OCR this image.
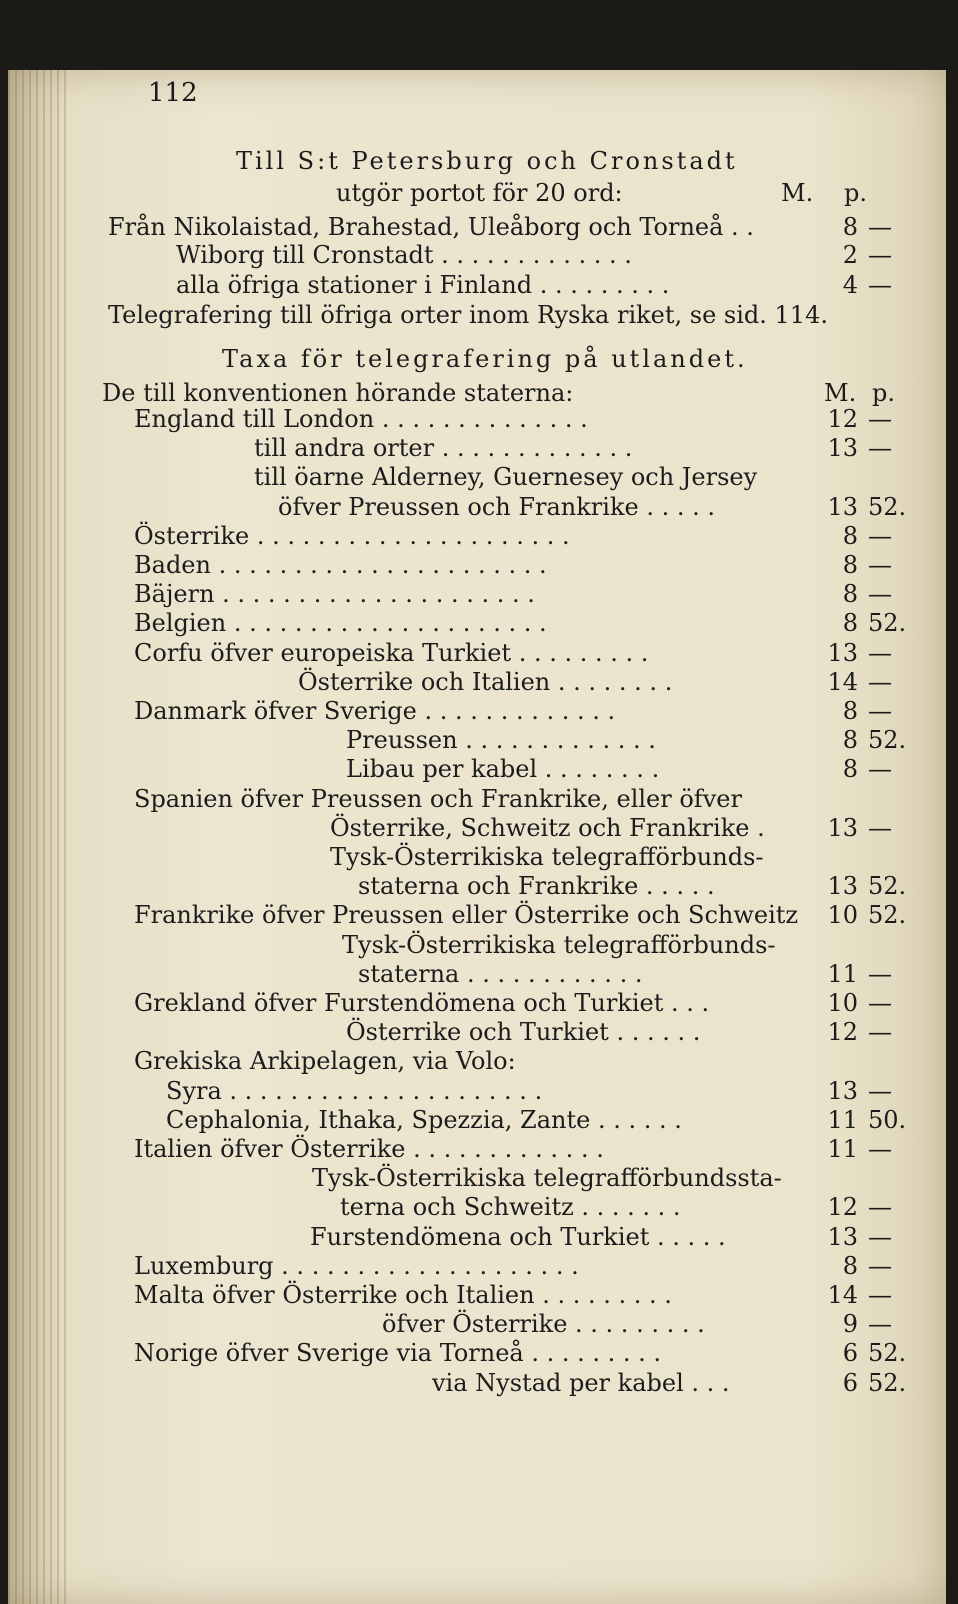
112
Till S:t Petersburg och Cronstadt
utgör portot för 20 ord:	M. p.
Från Nikolaistad, Brahestad, Uleåborg och Torneå . .	8 —
Wiborg till Cronstadt . . . . . . . . . . . . .	2 —
alla öfriga stationer i Finland . . . . . . . . .	4 —
Telegrafering till öfriga orter inom Ryska riket, se sid. 114.
Taxa för telegrafering på utlandet.
De till konventionen hörande staterna:	M. p.
England till London . . . . . . . . . . . . . .	12 —
till andra orter . . . . . . . . . . . . .	13 —
till öarne Alderney, Guernesey och Jersey
öfver Preussen och Frankrike . . . . .	13 52.
Österrike . . . . . . . . . . . . . . . . . . . . .	8 —
Baden . . . . . . . . . . . . . . . . . . . . . .	8 —
Bäjern . . . . . . . . . . . . . . . . . . . . .	8 —
Belgien . . . . . . . . . . . . . . . . . . . . .	8 52.
Corfu öfver europeiska Turkiet . . . . . . . . .	13 —
Österrike och Italien . . . . . . . .	14 —
Danmark öfver Sverige . . . . . . . . . . . . .	8 —
Preussen . . . . . . . . . . . . .	8 52.
Libau per kabel . . . . . . . .	8 —
Spanien öfver Preussen och Frankrike, eller öfver
Österrike, Schweitz och Frankrike .	13 —
Tysk-Österrikiska telegrafförbunds-
staterna och Frankrike . . . . .	13 52.
Frankrike öfver Preussen eller Österrike och Schweitz	10 52.
Tysk-Österrikiska telegrafförbunds-
staterna . . . . . . . . . . . .	11 —
Grekland öfver Furstendömena och Turkiet . . .	10 —
Österrike och Turkiet . . . . . .	12 —
Grekiska Arkipelagen, via Volo:
Syra . . . . . . . . . . . . . . . . . . . . .	13 —
Cephalonia, Ithaka, Spezzia, Zante . . . . . .	11 50.
Italien öfver Österrike . . . . . . . . . . . . .	11 —
Tysk-Österrikiska telegrafförbundssta-
terna och Schweitz . . . . . . .	12 —
Furstendömena och Turkiet . . . . .	13 —
Luxemburg . . . . . . . . . . . . . . . . . . . .	8 —
Malta öfver Österrike och Italien . . . . . . . . .	14 —
öfver Österrike . . . . . . . . .	9 —
Norige öfver Sverige via Torneå . . . . . . . . .	6 52.
via Nystad per kabel . . .	6 52.
